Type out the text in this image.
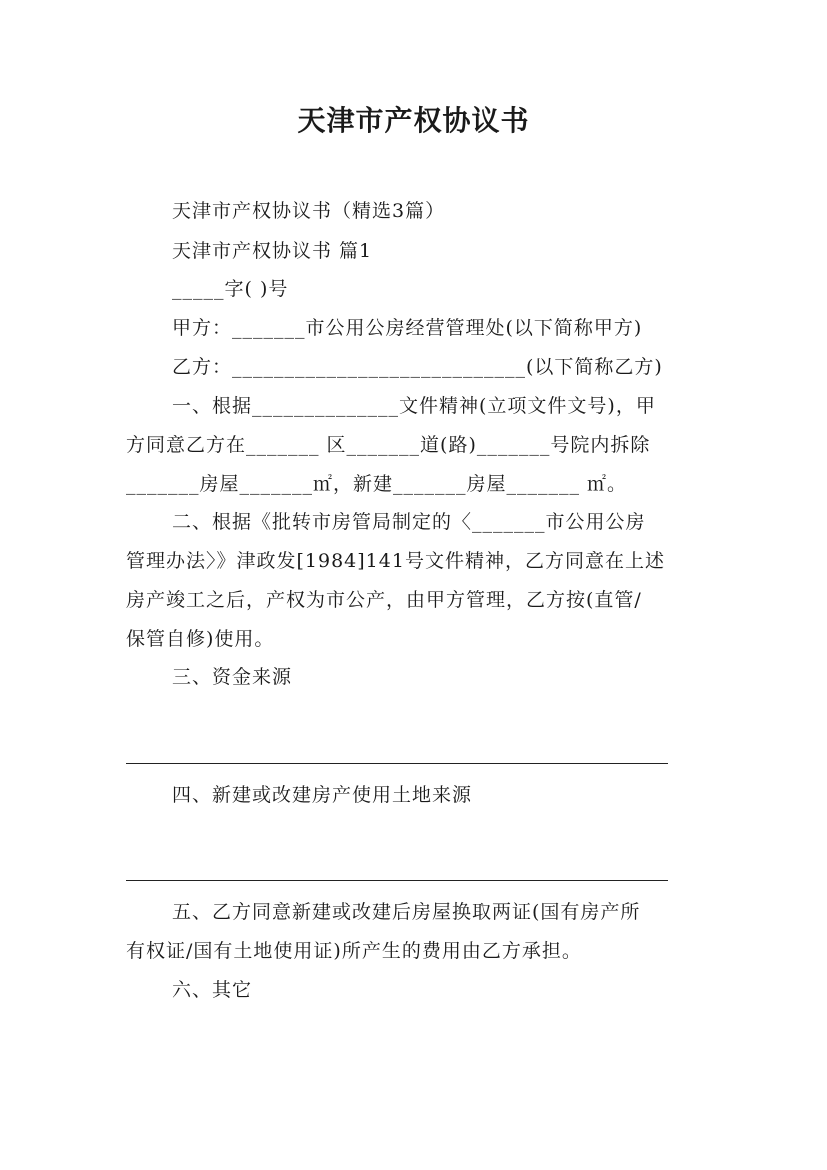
天津市产权协议书
天津市产权协议书（精选3篇）
天津市产权协议书 篇1
_____字( )号
甲方：_______市公用公房经营管理处(以下简称甲方)
乙方：____________________________(以下简称乙方)
一、根据______________文件精神(立项文件文号)，甲
方同意乙方在_______ 区_______道(路)_______号院内拆除
_______房屋_______㎡，新建_______房屋_______ ㎡。
二、根据《批转市房管局制定的〈_______市公用公房
管理办法〉》津政发[1984]141号文件精神，乙方同意在上述
房产竣工之后，产权为市公产，由甲方管理，乙方按(直管/
保管自修)使用。
三、资金来源
四、新建或改建房产使用土地来源
五、乙方同意新建或改建后房屋换取两证(国有房产所
有权证/国有土地使用证)所产生的费用由乙方承担。
六、其它
